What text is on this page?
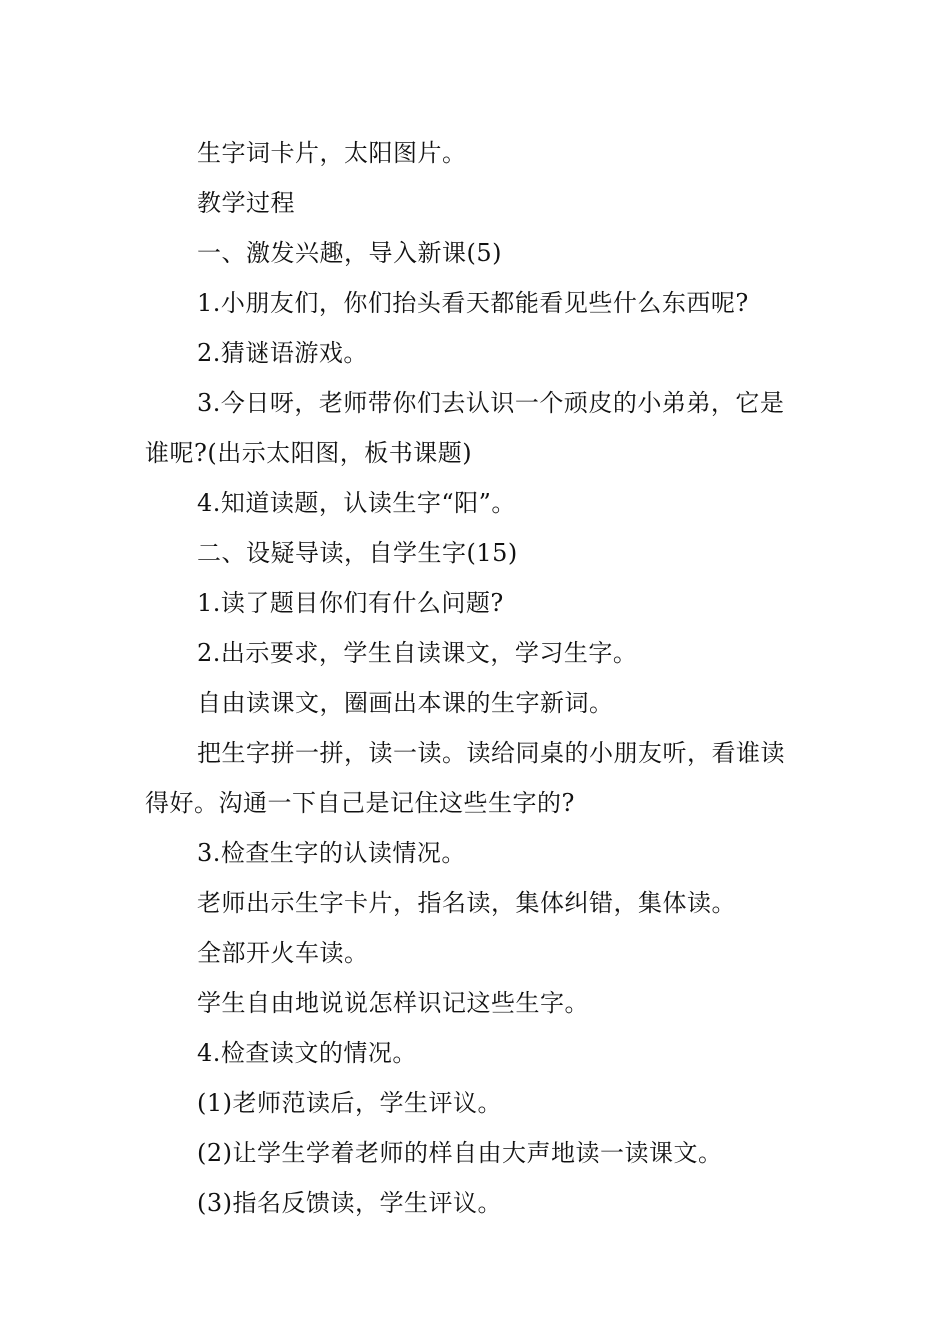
生字词卡片，太阳图片。

教学过程

一、激发兴趣，导入新课(5)

1.小朋友们，你们抬头看天都能看见些什么东西呢?

2.猜谜语游戏。

3.今日呀，老师带你们去认识一个顽皮的小弟弟，它是谁呢?(出示太阳图，板书课题)

4.知道读题，认读生字“阳”。

二、设疑导读，自学生字(15)

1.读了题目你们有什么问题?

2.出示要求，学生自读课文，学习生字。

自由读课文，圈画出本课的生字新词。

把生字拼一拼，读一读。读给同桌的小朋友听，看谁读得好。沟通一下自己是记住这些生字的?

3.检查生字的认读情况。

老师出示生字卡片，指名读，集体纠错，集体读。

全部开火车读。

学生自由地说说怎样识记这些生字。

4.检查读文的情况。

(1)老师范读后，学生评议。

(2)让学生学着老师的样自由大声地读一读课文。

(3)指名反馈读，学生评议。
